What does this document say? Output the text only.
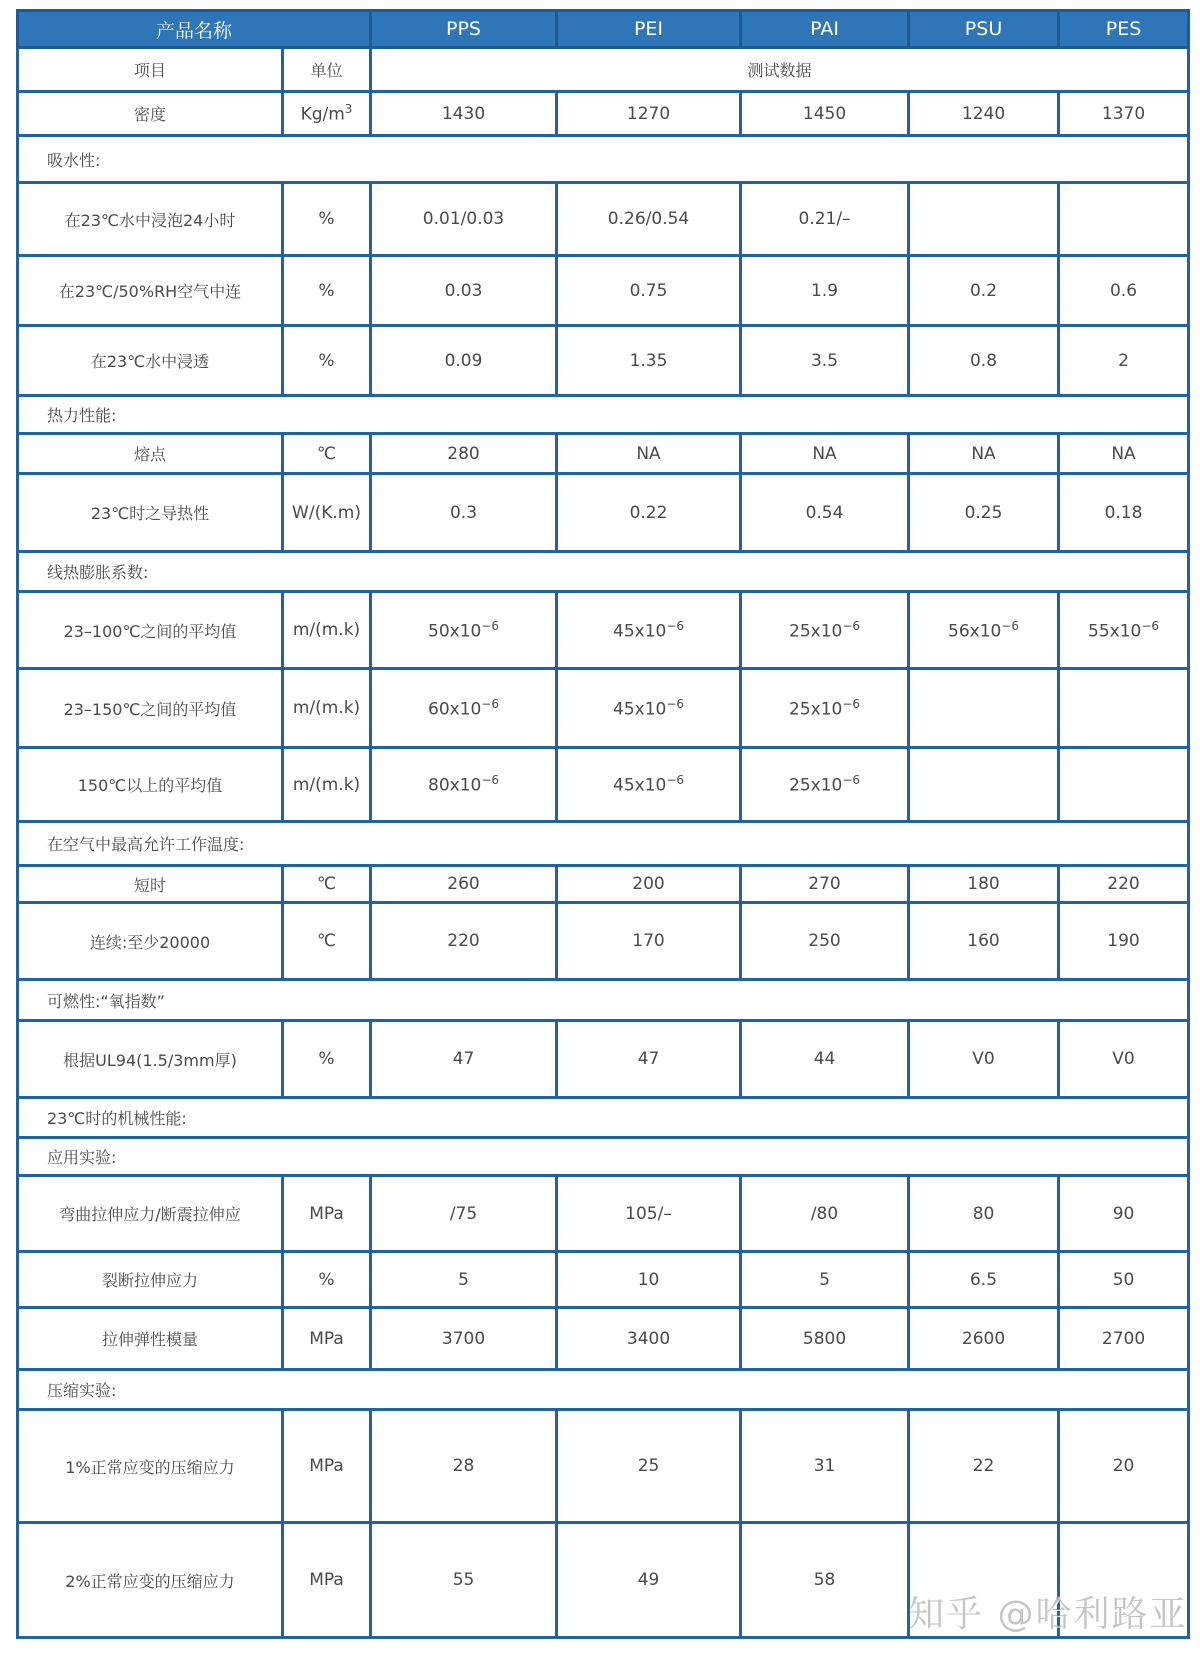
产品名称		PPS	PEI	PAI	PSU	PES
项目	单位	测试数据				
密度	$Kg/m^3$	1430	1270	1450	1240	1370
吸水性:						
在23℃水中浸泡24小时	%	0.01/0.03	0.26/0.54	0.21/–		
在23℃/50%RH空气中连	%	0.03	0.75	1.9	0.2	0.6
在23℃水中浸透	%	0.09	1.35	3.5	0.8	2
热力性能:						
熔点	℃	280	NA	NA	NA	NA
23℃时之导热性	W/(K.m)	0.3	0.22	0.54	0.25	0.18
线热膨胀系数:						
23–100℃之间的平均值	m/(m.k)	$50x10^{-6}$	$45x10^{-6}$	$25x10^{-6}$	$56x10^{-6}$	$55x10^{-6}$
23–150℃之间的平均值	m/(m.k)	$60x10^{-6}$	$45x10^{-6}$	$25x10^{-6}$		
150℃以上的平均值	m/(m.k)	$80x10^{-6}$	$45x10^{-6}$	$25x10^{-6}$		
在空气中最高允许工作温度:						
短时	℃	260	200	270	180	220
连续:至少20000	℃	220	170	250	160	190
可燃性:“氧指数”						
根据UL94(1.5/3mm厚)	%	47	47	44	V0	V0
23℃时的机械性能:						
应用实验:						
弯曲拉伸应力/断震拉伸应	MPa	/75	105/–	/80	80	90
裂断拉伸应力	%	5	10	5	6.5	50
拉伸弹性模量	MPa	3700	3400	5800	2600	2700
压缩实验:						
1%正常应变的压缩应力	MPa	28	25	31	22	20
2%正常应变的压缩应力	MPa	55	49	58		
知乎 @哈利路亚
